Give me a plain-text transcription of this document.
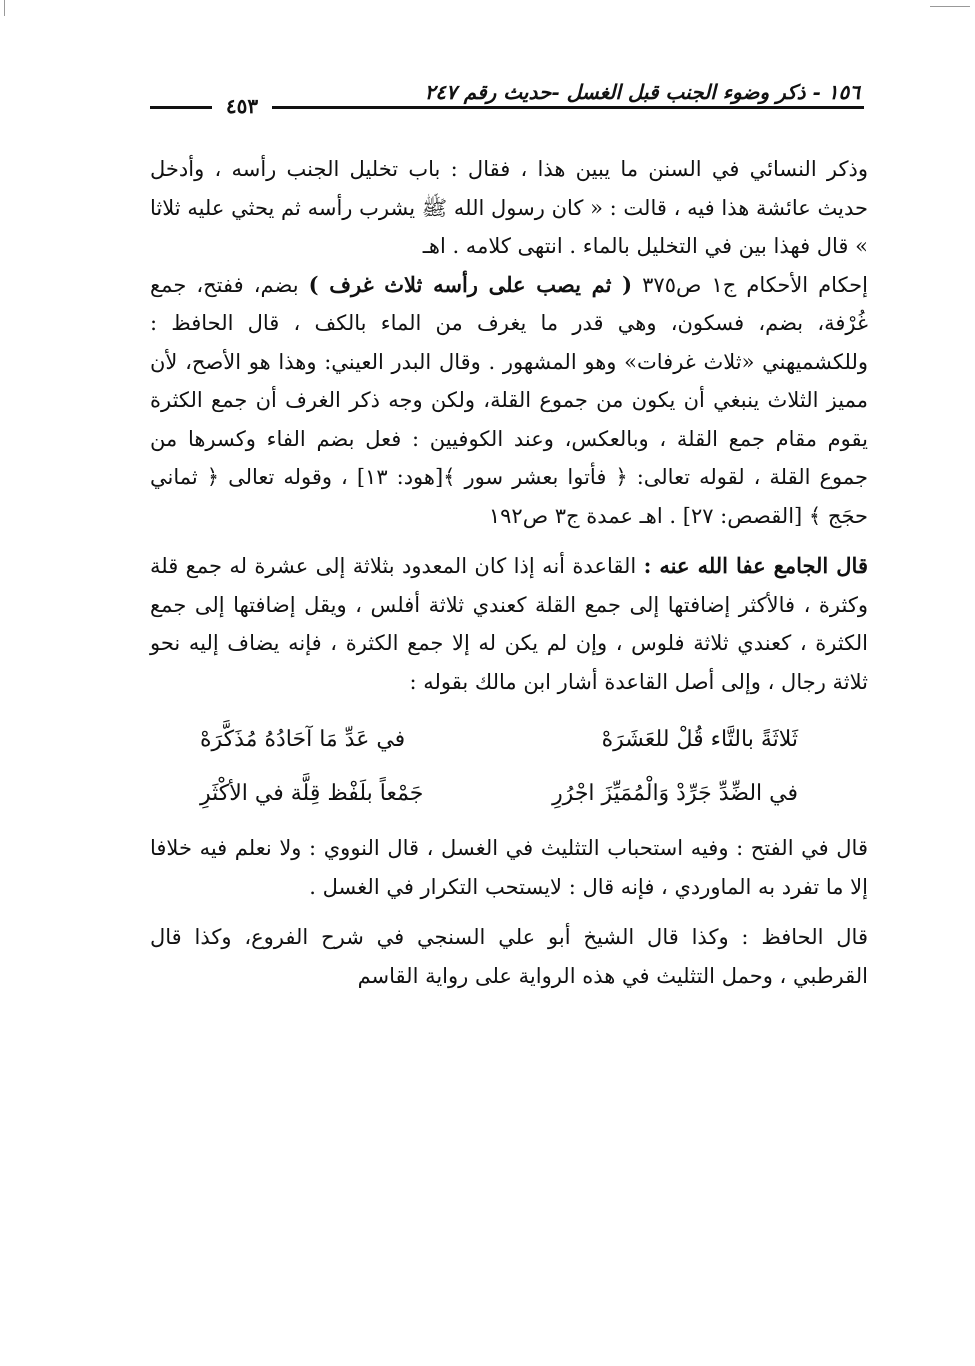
١٥٦ - ذكر وضوء الجنب قبل الغسل -حديث رقم ٢٤٧
٤٥٣

وذكر النسائي في السنن ما يبين هذا ، فقال : باب تخليل الجنب رأسه ، وأدخل حديث عائشة هذا فيه ، قالت : « كان رسول الله ﷺ يشرب رأسه ثم يحثي عليه ثلاثا » قال فهذا بين في التخليل بالماء . انتهى كلامه . اهـ

إحكام الأحكام ج١ ص٣٧٥ ( ثم يصب على رأسه ثلاث غرف ) بضم، ففتح، جمع غُرْفة، بضم، فسكون، وهي قدر ما يغرف من الماء بالكف ، قال الحافظ : وللكشميهني «ثلاث غرفات» وهو المشهور . وقال البدر العيني: وهذا هو الأصح، لأن مميز الثلاث ينبغي أن يكون من جموع القلة، ولكن وجه ذكر الغرف أن جمع الكثرة يقوم مقام جمع القلة ، وبالعكس، وعند الكوفيين : فعل بضم الفاء وكسرها من جموع القلة ، لقوله تعالى: ﴿ فأتوا بعشر سور ﴾[هود: ١٣] ، وقوله تعالى ﴿ ثماني حجَج ﴾ [القصص: ٢٧] . اهـ عمدة ج٣ ص١٩٢

قال الجامع عفا الله عنه : القاعدة أنه إذا كان المعدود بثلاثة إلى عشرة له جمع قلة وكثرة ، فالأكثر إضافتها إلى جمع القلة كعندي ثلاثة أفلس ، ويقل إضافتها إلى جمع الكثرة ، كعندي ثلاثة فلوس ، وإن لم يكن له إلا جمع الكثرة ، فإنه يضاف إليه نحو ثلاثة رجال ، وإلى أصل القاعدة أشار ابن مالك بقوله :

ثَلاثَةً بالتَّاء قُلْ للعَشَرَهْ
في عَدِّ مَا آحَادُهُ مُذَكَّرَهْ
في الضِّدِّ جَرِّدْ وَالْمُمَيِّزَ اجْرُرِ
جَمْعاً بلَفْظ قِلَّة في الأكْثَرِ

قال في الفتح : وفيه استحباب التثليث في الغسل ، قال النووي : ولا نعلم فيه خلافا إلا ما تفرد به الماوردي ، فإنه قال : لايستحب التكرار في الغسل .

قال الحافظ : وكذا قال الشيخ أبو علي السنجي في شرح الفروع، وكذا قال القرطبي ، وحمل التثليث في هذه الرواية على رواية القاسم
